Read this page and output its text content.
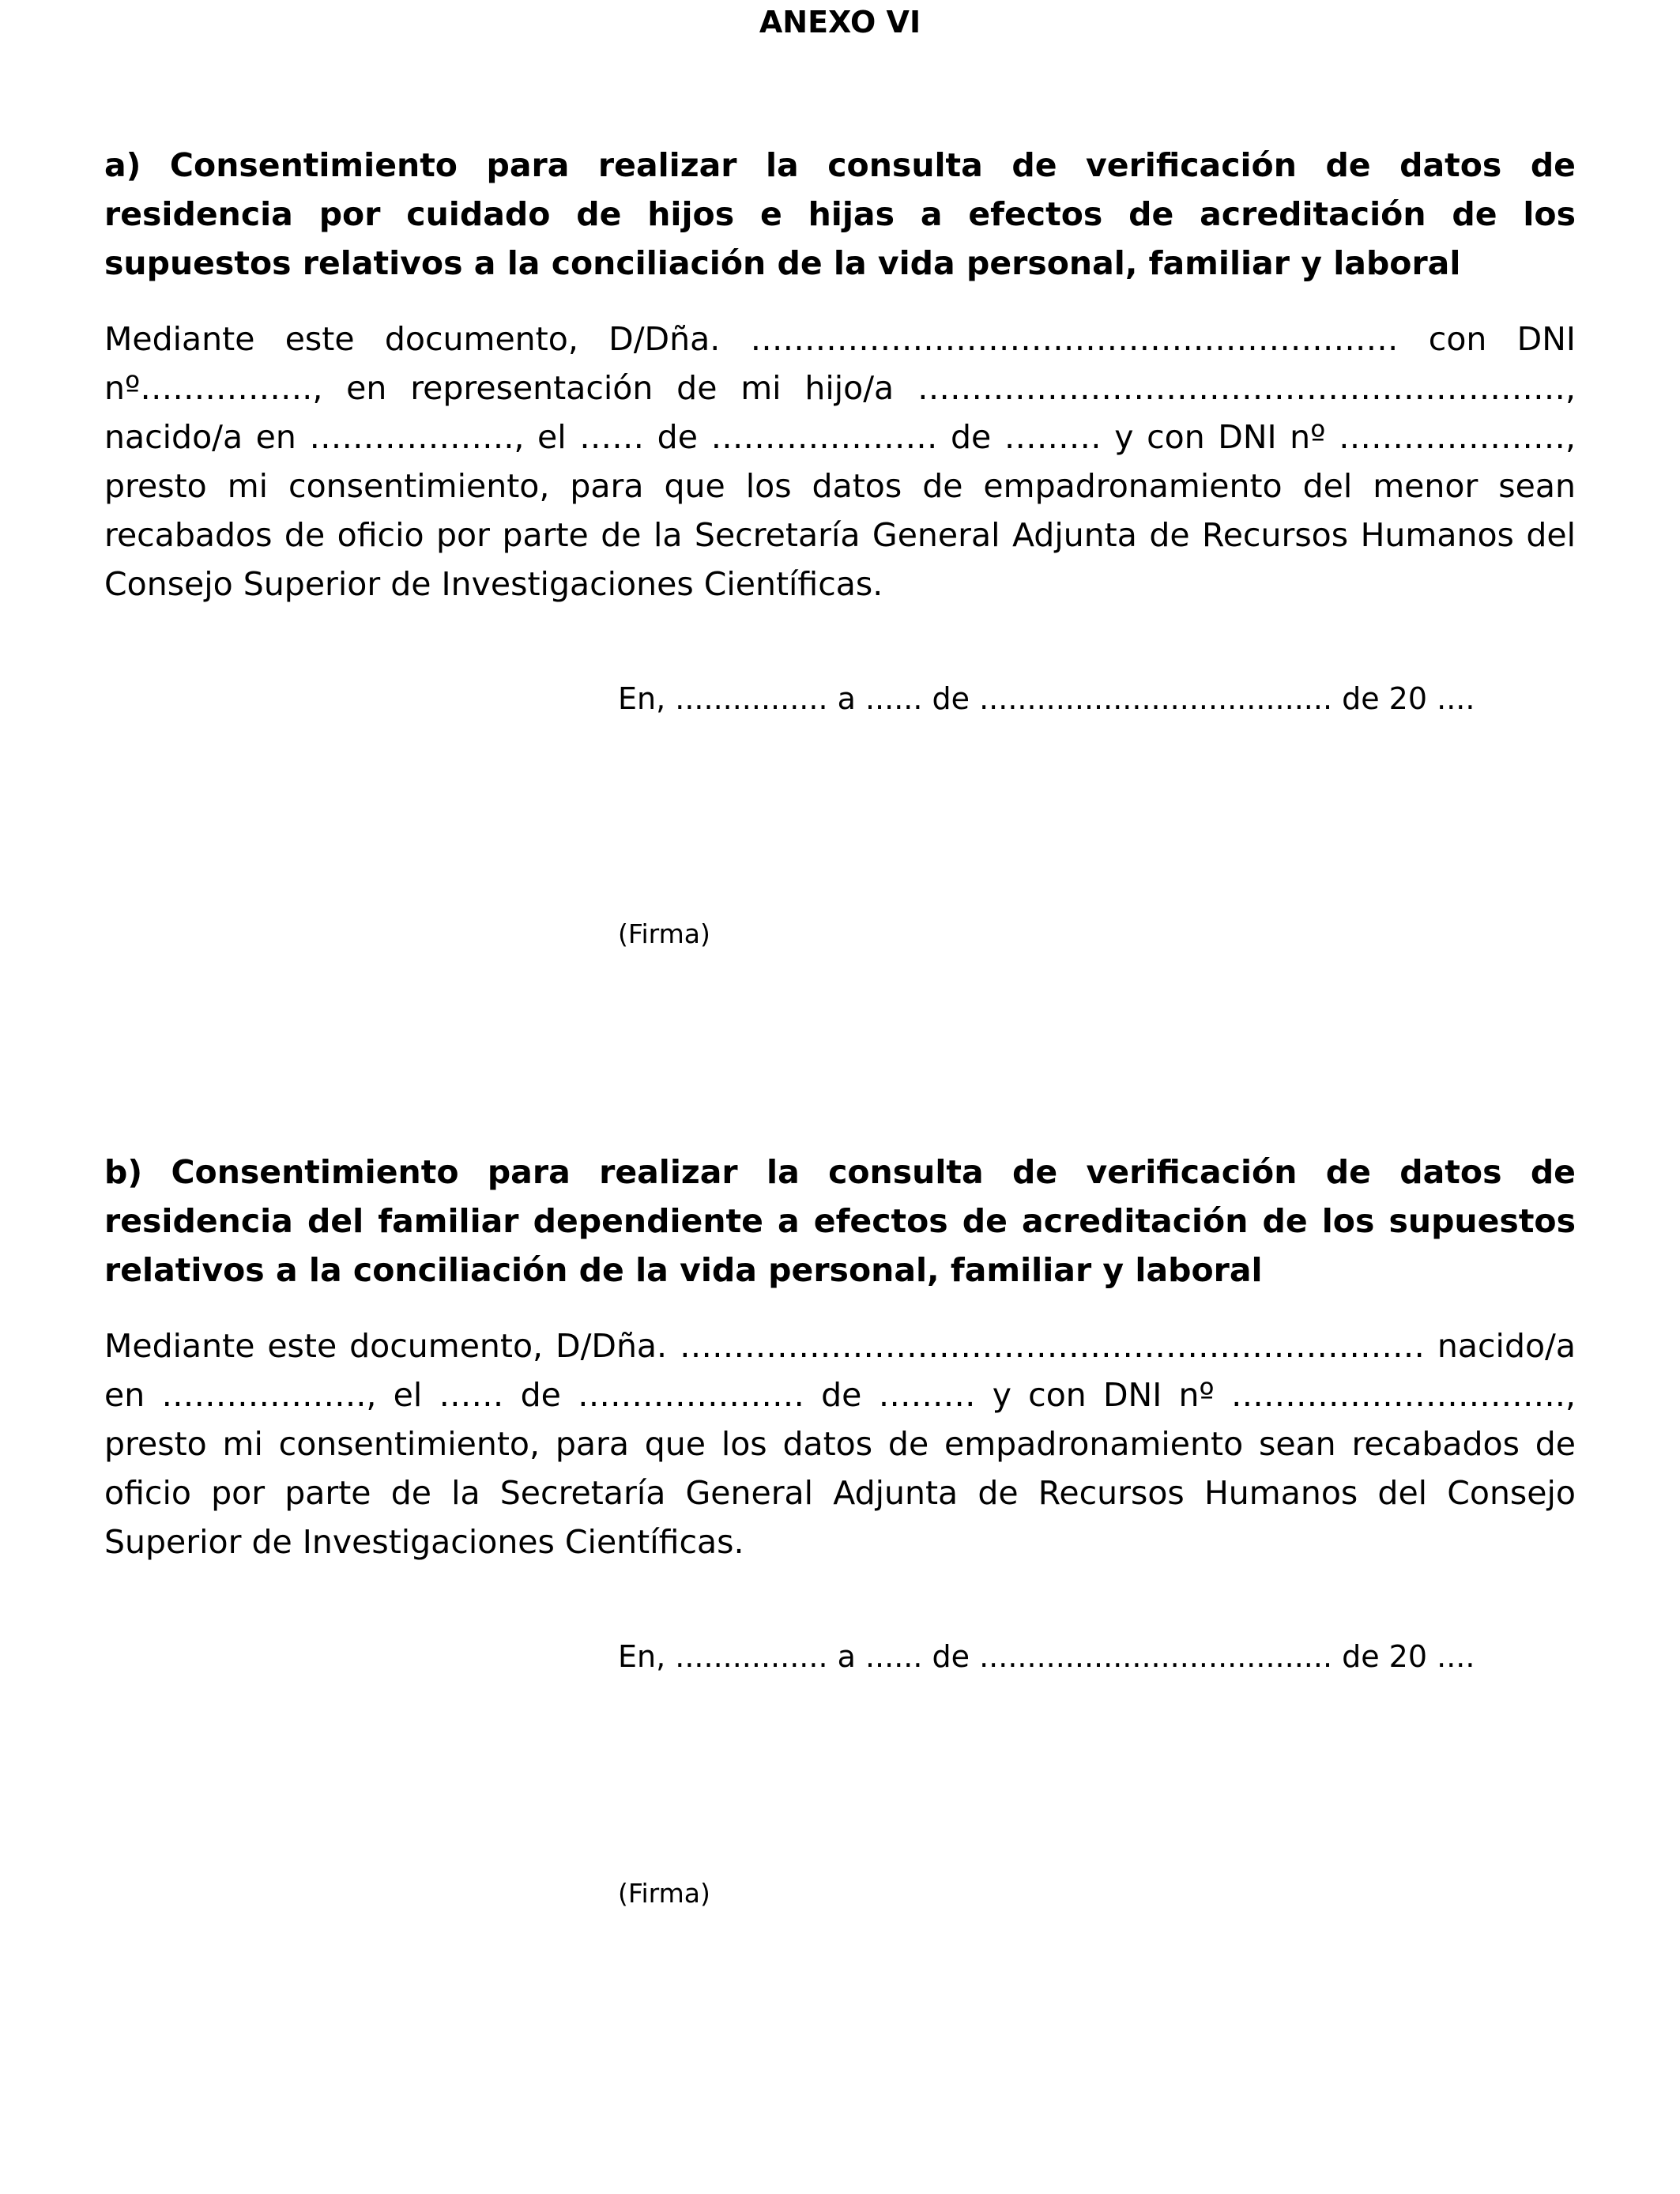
ANEXO VI

a) Consentimiento para realizar la consulta de verificación de datos de residencia por cuidado de hijos e hijas a efectos de acreditación de los supuestos relativos a la conciliación de la vida personal, familiar y laboral

Mediante este documento, D/Dña. …………………………………………………… con DNI nº……………., en representación de mi hijo/a ……………………………………………………, nacido/a en ………………., el …… de ………………… de ……… y con DNI nº …………………, presto mi consentimiento, para que los datos de empadronamiento del menor sean recabados de oficio por parte de la Secretaría General Adjunta de Recursos Humanos del Consejo Superior de Investigaciones Científicas.

En, ................ a ...... de ..................................... de 20 ....
(Firma)

b) Consentimiento para realizar la consulta de verificación de datos de residencia del familiar dependiente a efectos de acreditación de los supuestos relativos a la conciliación de la vida personal, familiar y laboral

Mediante este documento, D/Dña. …………………………………………………………… nacido/a en ………………., el …… de ………………… de ……… y con DNI nº …………………………., presto mi consentimiento, para que los datos de empadronamiento sean recabados de oficio por parte de la Secretaría General Adjunta de Recursos Humanos del Consejo Superior de Investigaciones Científicas.

En, ................ a ...... de ..................................... de 20 ....
(Firma)
